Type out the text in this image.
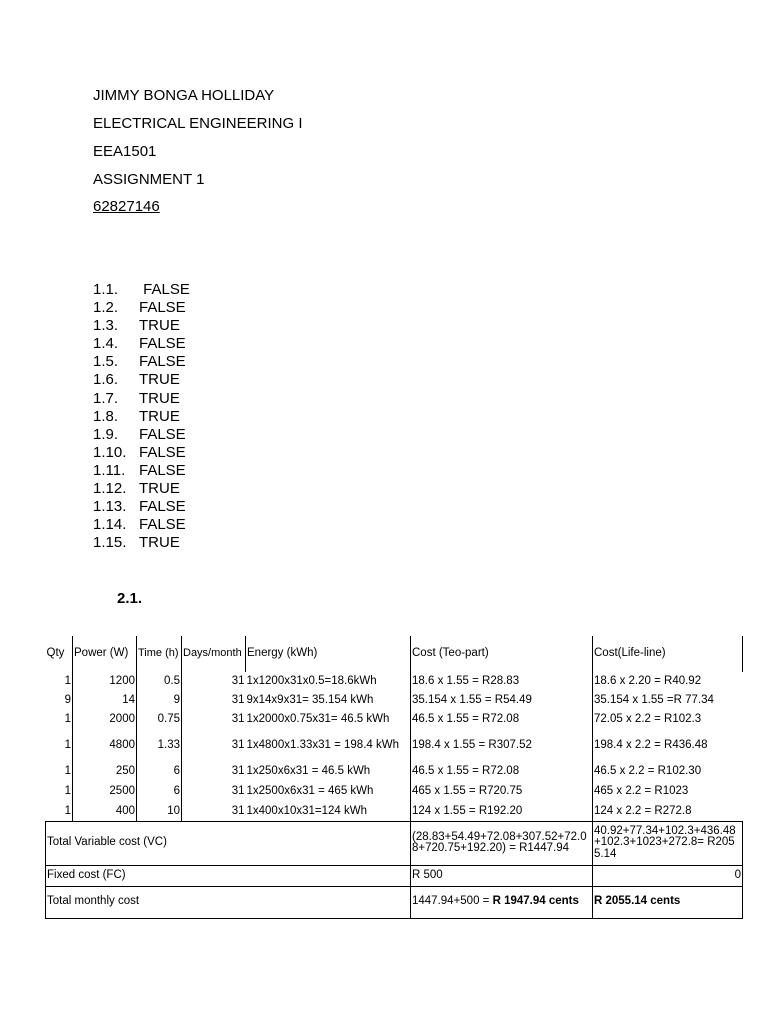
JIMMY BONGA HOLLIDAY
ELECTRICAL ENGINEERING I
EEA1501
ASSIGNMENT 1
62827146
1.1. FALSE
1.2. FALSE
1.3. TRUE
1.4. FALSE
1.5. FALSE
1.6. TRUE
1.7. TRUE
1.8. TRUE
1.9. FALSE
1.10. FALSE
1.11. FALSE
1.12. TRUE
1.13. FALSE
1.14. FALSE
1.15. TRUE
2.1.
Qty	Power (W)	Time (h)	Days/month	Energy (kWh)	Cost (Teo-part)	Cost(Life-line)
1	1200	0.5	31	1x1200x31x0.5=18.6kWh	18.6 x 1.55 = R28.83	18.6 x 2.20 = R40.92
9	14	9	31	9x14x9x31= 35.154 kWh	35.154 x 1.55 = R54.49	35.154 x 1.55 =R 77.34
1	2000	0.75	31	1x2000x0.75x31= 46.5 kWh	46.5 x 1.55 = R72.08	72.05 x 2.2 = R102.3
1	4800	1.33	31	1x4800x1.33x31 = 198.4 kWh	198.4 x 1.55 = R307.52	198.4 x 2.2 = R436.48
1	250	6	31	1x250x6x31 = 46.5 kWh	46.5 x 1.55 = R72.08	46.5 x 2.2 = R102.30
1	2500	6	31	1x2500x6x31 = 465 kWh	465 x 1.55 = R720.75	465 x 2.2 = R1023
1	400	10	31	1x400x10x31=124 kWh	124 x 1.55 = R192.20	124 x 2.2 = R272.8
Total Variable cost (VC)					(28.83+54.49+72.08+307.52+72.08+720.75+192.20) = R1447.94	40.92+77.34+102.3+436.48+102.3+1023+272.8= R2055.14
Fixed cost (FC)					R 500	0
Total monthly cost					1447.94+500 = R 1947.94 cents	R 2055.14 cents
